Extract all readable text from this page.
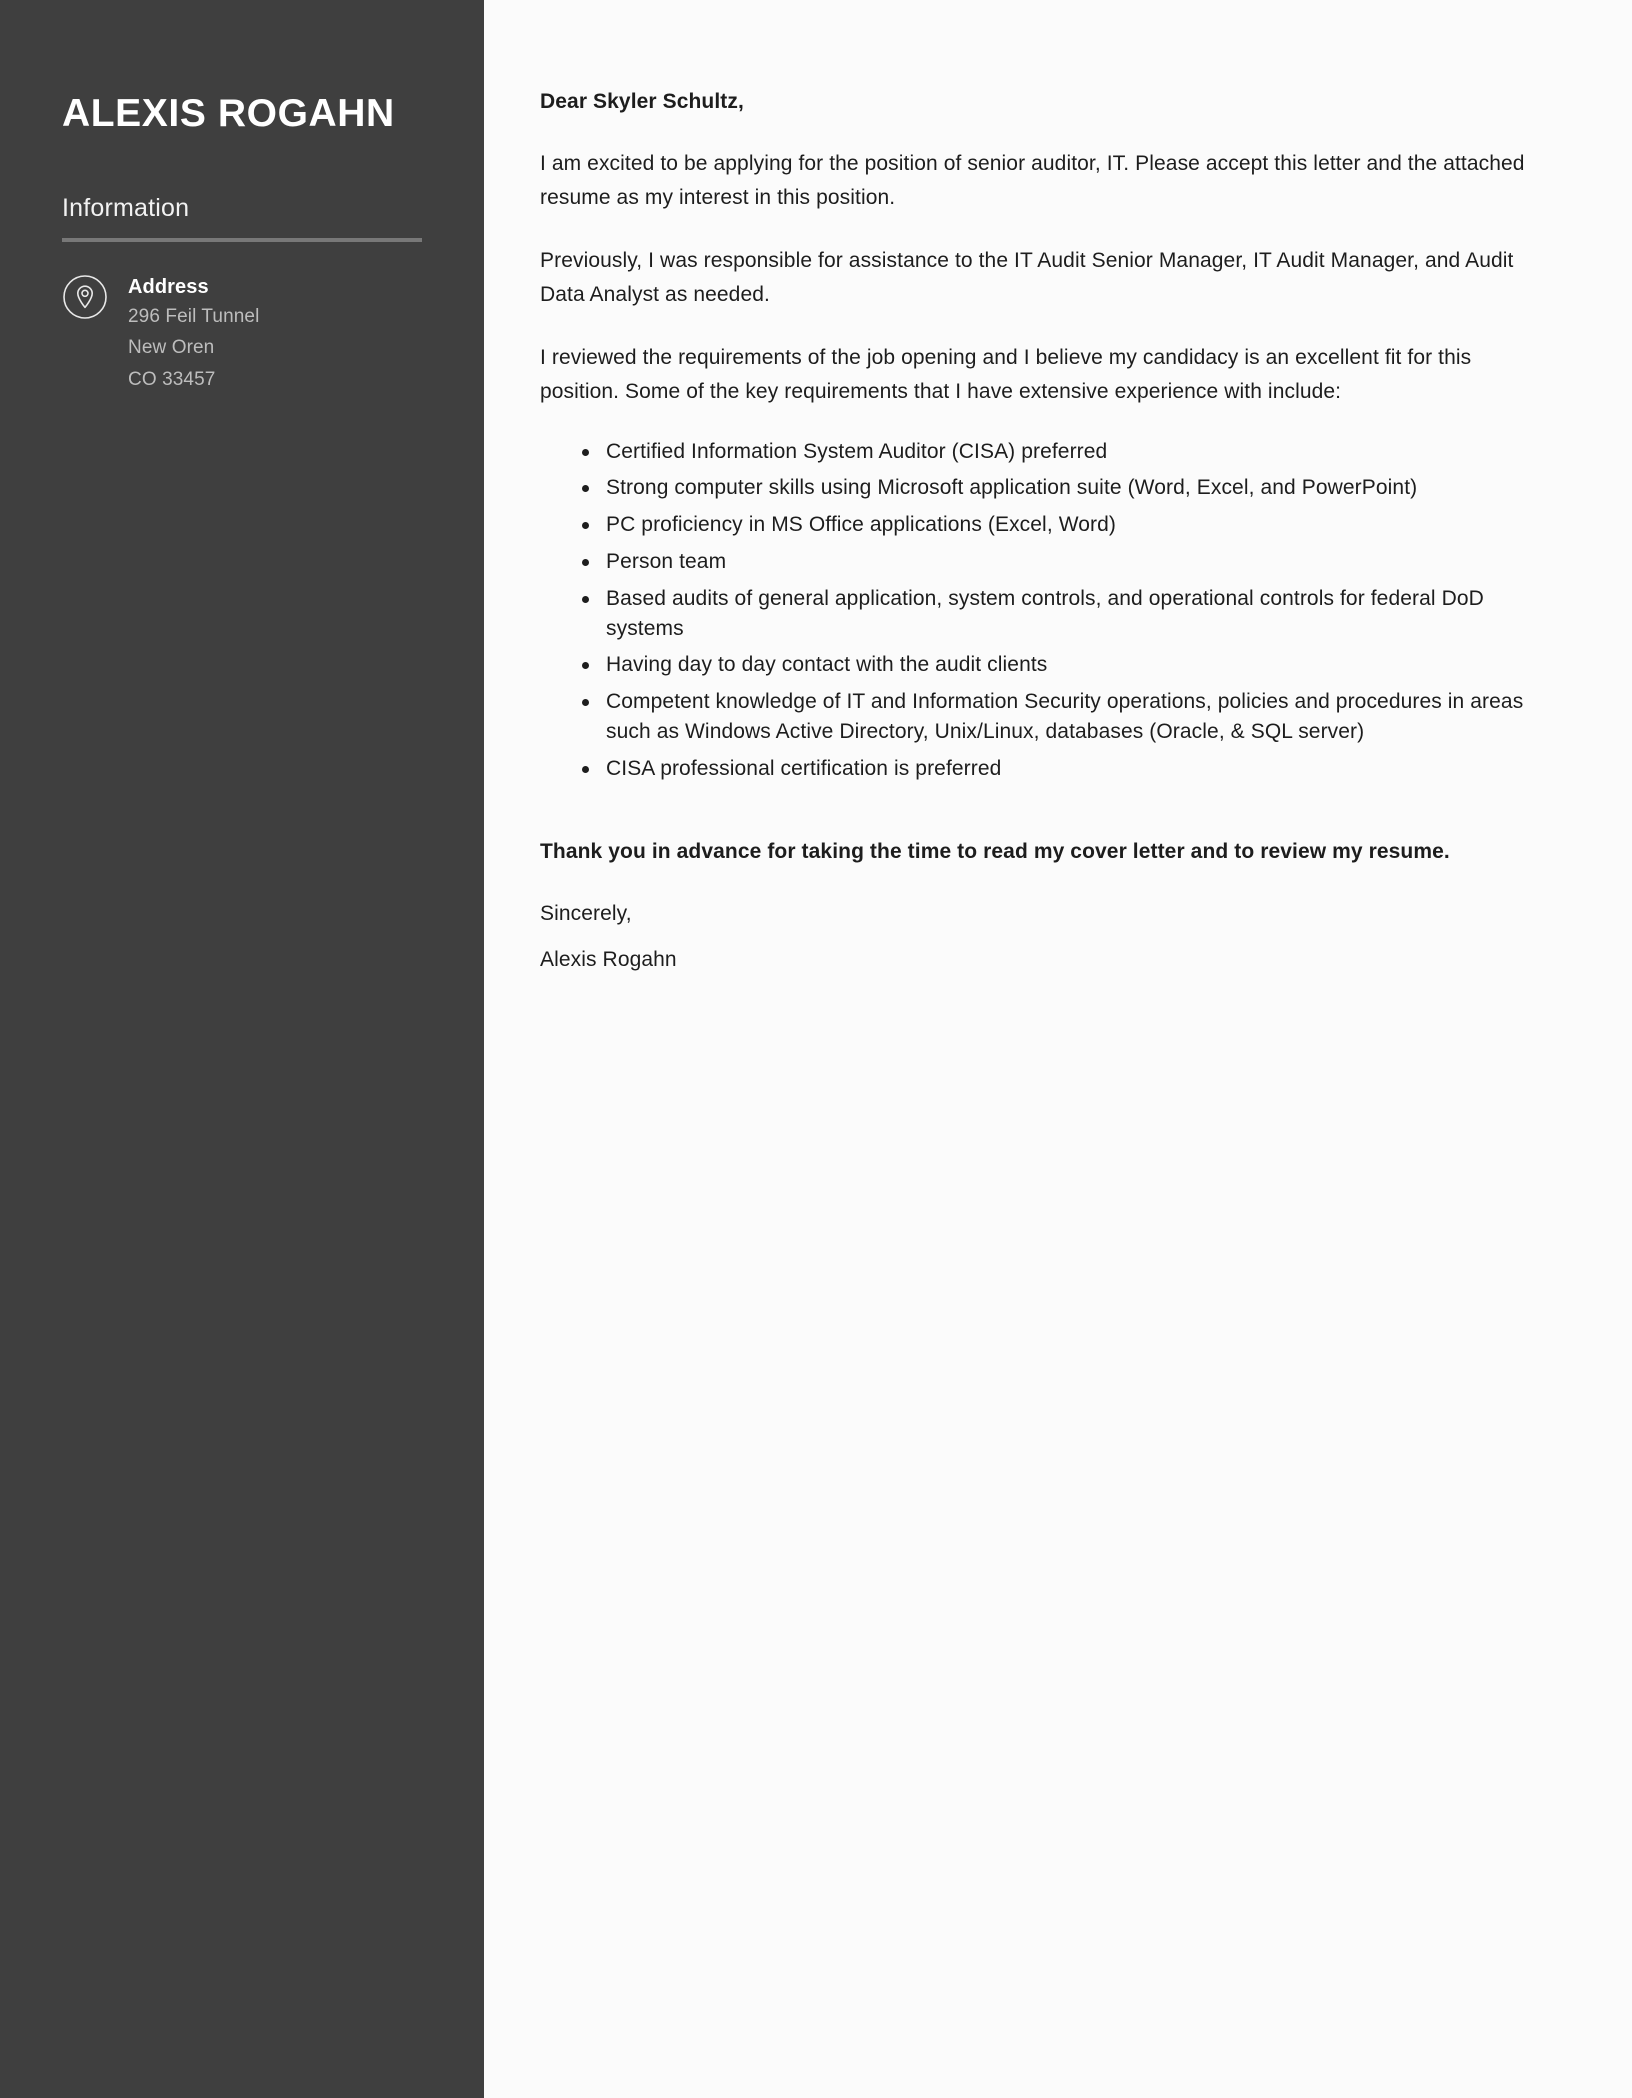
ALEXIS ROGAHN
Information
Address
296 Feil Tunnel
New Oren
CO 33457

Dear Skyler Schultz,

I am excited to be applying for the position of senior auditor, IT. Please accept this letter and the attached resume as my interest in this position.

Previously, I was responsible for assistance to the IT Audit Senior Manager, IT Audit Manager, and Audit Data Analyst as needed.

I reviewed the requirements of the job opening and I believe my candidacy is an excellent fit for this position. Some of the key requirements that I have extensive experience with include:

Certified Information System Auditor (CISA) preferred
Strong computer skills using Microsoft application suite (Word, Excel, and PowerPoint)
PC proficiency in MS Office applications (Excel, Word)
Person team
Based audits of general application, system controls, and operational controls for federal DoD systems
Having day to day contact with the audit clients
Competent knowledge of IT and Information Security operations, policies and procedures in areas such as Windows Active Directory, Unix/Linux, databases (Oracle, & SQL server)
CISA professional certification is preferred

Thank you in advance for taking the time to read my cover letter and to review my resume.

Sincerely,

Alexis Rogahn
